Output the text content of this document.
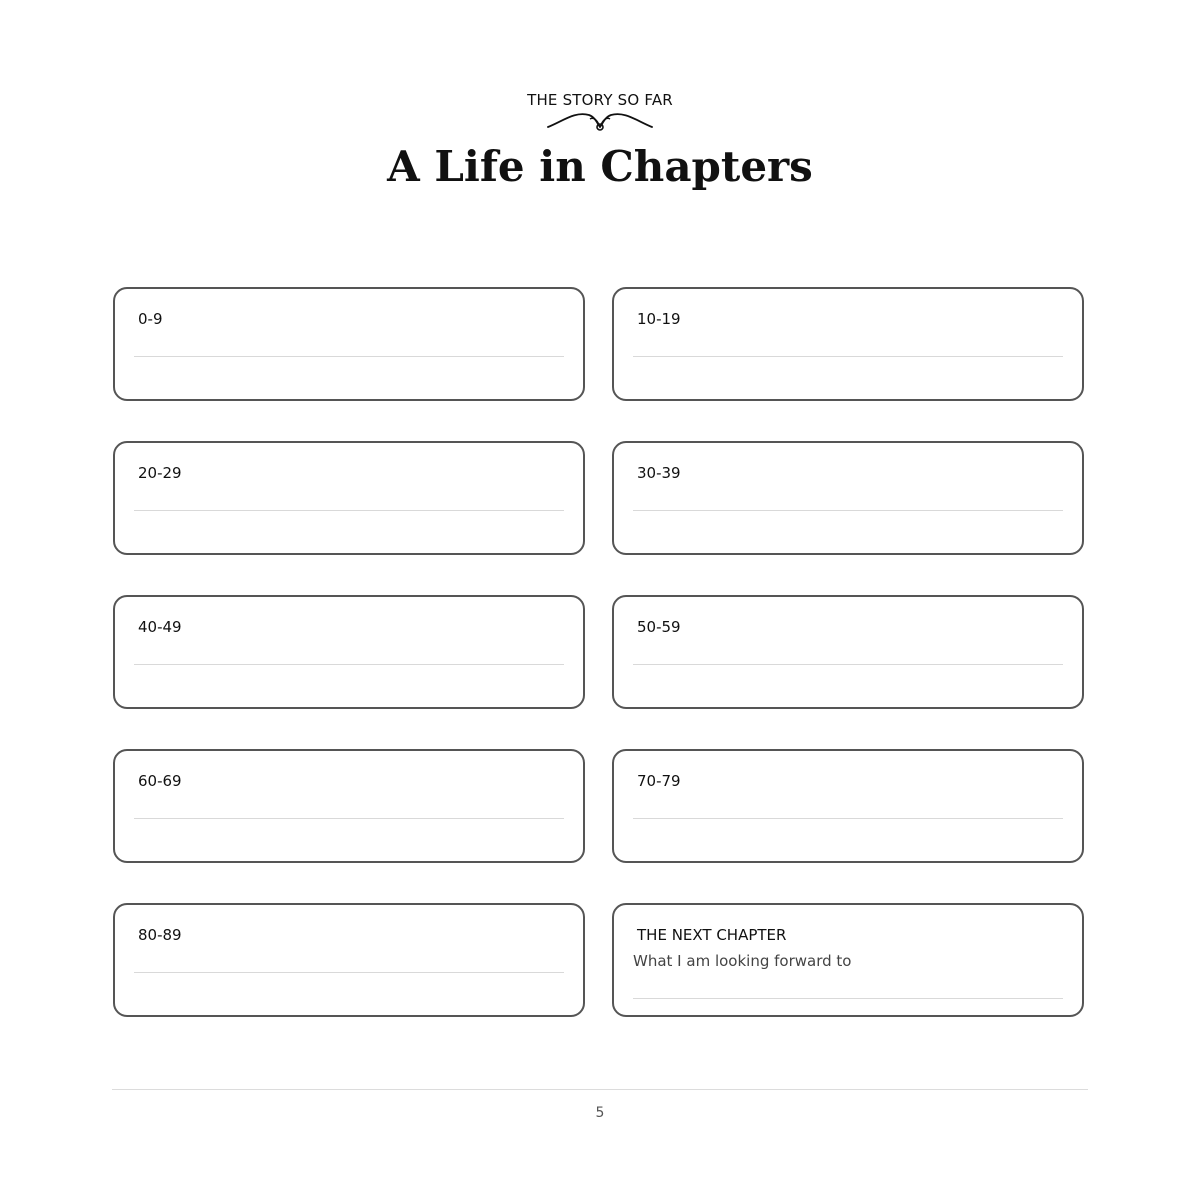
THE STORY SO FAR
A Life in Chapters
0-9	10-19
20-29	30-39
40-49	50-59
60-69	70-79
80-89	THE NEXT CHAPTER
What I am looking forward to
5
